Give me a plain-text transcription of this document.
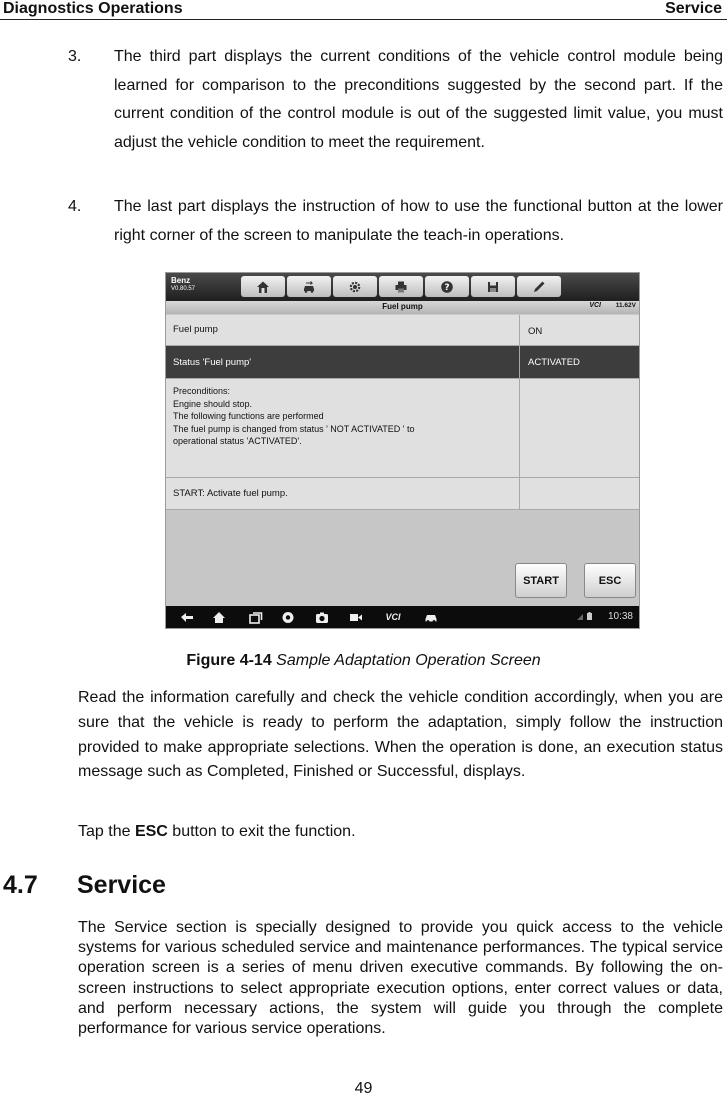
Diagnostics Operations	Service
3. The third part displays the current conditions of the vehicle control module being learned for comparison to the preconditions suggested by the second part. If the current condition of the control module is out of the suggested limit value, you must adjust the vehicle condition to meet the requirement.
4. The last part displays the instruction of how to use the functional button at the lower right corner of the screen to manipulate the teach-in operations.
Benz
V0.80.57	?
Fuel pump	VCI 11.62V
Fuel pump	ON
Status 'Fuel pump'	ACTIVATED
Preconditions:
Engine should stop.
The following functions are performed
The fuel pump is changed from status ' NOT ACTIVATED ' to
operational status 'ACTIVATED'.
START: Activate fuel pump.
START	ESC
VCI	10:38
Figure 4-14 Sample Adaptation Operation Screen
Read the information carefully and check the vehicle condition accordingly, when you are sure that the vehicle is ready to perform the adaptation, simply follow the instruction provided to make appropriate selections. When the operation is done, an execution status message such as Completed, Finished or Successful, displays.
Tap the ESC button to exit the function.
4.7 Service
The Service section is specially designed to provide you quick access to the vehicle systems for various scheduled service and maintenance performances. The typical service operation screen is a series of menu driven executive commands. By following the on-screen instructions to select appropriate execution options, enter correct values or data, and perform necessary actions, the system will guide you through the complete performance for various service operations.
49
